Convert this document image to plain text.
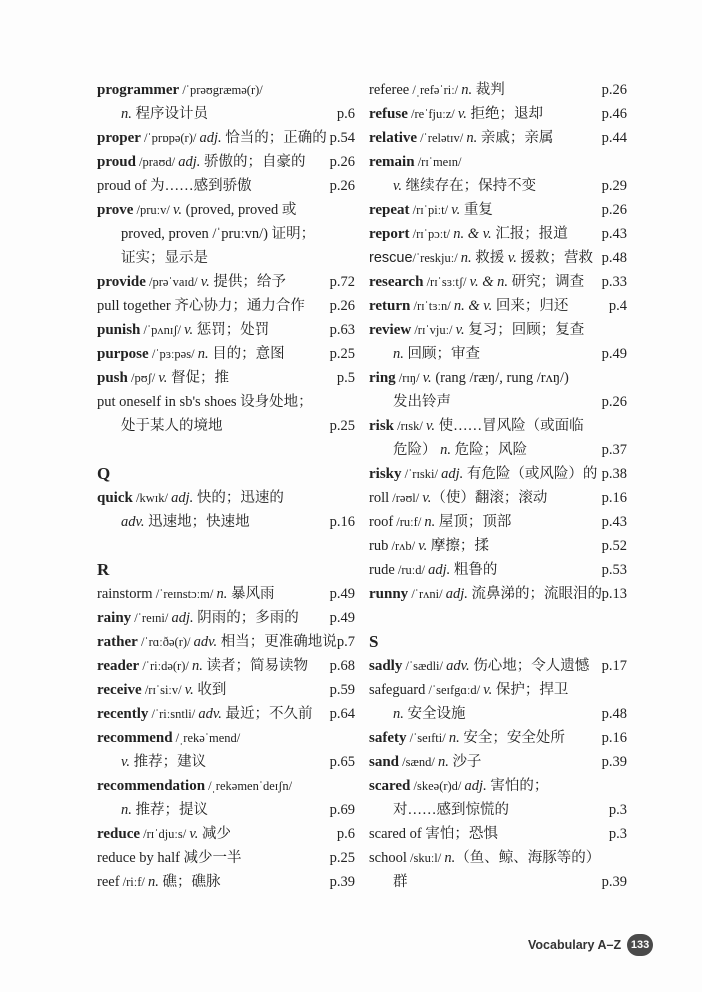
programmer /ˈprəʊgræmə(r)/
n. 程序设计员	p.6
proper /ˈprɒpə(r)/ adj. 恰当的；正确的 p.54
proud /praʊd/ adj. 骄傲的；自豪的 p.26
proud of 为……感到骄傲	p.26
prove /pruːv/ v. (proved, proved 或
proved, proven /ˈpruːvn/) 证明；
证实；显示是
provide /prəˈvaɪd/ v. 提供；给予	p.72
pull together 齐心协力；通力合作 p.26
punish /ˈpʌnɪʃ/ v. 惩罚；处罚	p.63
purpose /ˈpɜːpəs/ n. 目的；意图	p.25
push /pʊʃ/ v. 督促；推	p.5
put oneself in sb's shoes 设身处地；
处于某人的境地	p.25
Q
quick /kwɪk/ adj. 快的；迅速的
adv. 迅速地；快速地	p.16
R
rainstorm /ˈreɪnstɔːm/ n. 暴风雨	p.49
rainy /ˈreɪni/ adj. 阴雨的；多雨的 p.49
rather /ˈrɑːðə(r)/ adv. 相当；更准确地说 p.7
reader /ˈriːdə(r)/ n. 读者；简易读物 p.68
receive /rɪˈsiːv/ v. 收到	p.59
recently /ˈriːsntli/ adv. 最近；不久前 p.64
recommend /ˌrekəˈmend/
v. 推荐；建议	p.65
recommendation /ˌrekəmenˈdeɪʃn/
n. 推荐；提议	p.69
reduce /rɪˈdjuːs/ v. 减少	p.6
reduce by half 减少一半	p.25
reef /riːf/ n. 礁；礁脉	p.39
referee /ˌrefəˈriː/ n. 裁判	p.26
refuse /reˈfjuːz/ v. 拒绝；退却	p.46
relative /ˈrelətɪv/ n. 亲戚；亲属	p.44
remain /rɪˈmeɪn/
v. 继续存在；保持不变	p.29
repeat /rɪˈpiːt/ v. 重复	p.26
report /rɪˈpɔːt/ n. & v. 汇报；报道 p.43
rescue/ˈreskjuː/ n. 救援 v. 援救；营救 p.48
research /rɪˈsɜːtʃ/ v. & n. 研究；调查 p.33
return /rɪˈtɜːn/ n. & v. 回来；归还	p.4
review /rɪˈvjuː/ v. 复习；回顾；复查
n. 回顾；审查	p.49
ring /rɪŋ/ v. (rang /ræŋ/, rung /rʌŋ/)
发出铃声	p.26
risk /rɪsk/ v. 使……冒风险（或面临
危险） n. 危险；风险	p.37
risky /ˈrɪski/ adj. 有危险（或风险）的 p.38
roll /rəʊl/ v.（使）翻滚；滚动	p.16
roof /ruːf/ n. 屋顶；顶部	p.43
rub /rʌb/ v. 摩擦；揉	p.52
rude /ruːd/ adj. 粗鲁的	p.53
runny /ˈrʌni/ adj. 流鼻涕的；流眼泪的 p.13
S
sadly /ˈsædli/ adv. 伤心地；令人遗憾 p.17
safeguard /ˈseɪfgɑːd/ v. 保护；捍卫
n. 安全设施	p.48
safety /ˈseɪfti/ n. 安全；安全处所	p.16
sand /sænd/ n. 沙子	p.39
scared /skeə(r)d/ adj. 害怕的；
对……感到惊慌的	p.3
scared of 害怕；恐惧	p.3
school /skuːl/ n.（鱼、鲸、海豚等的）
群	p.39
Vocabulary A–Z 133
